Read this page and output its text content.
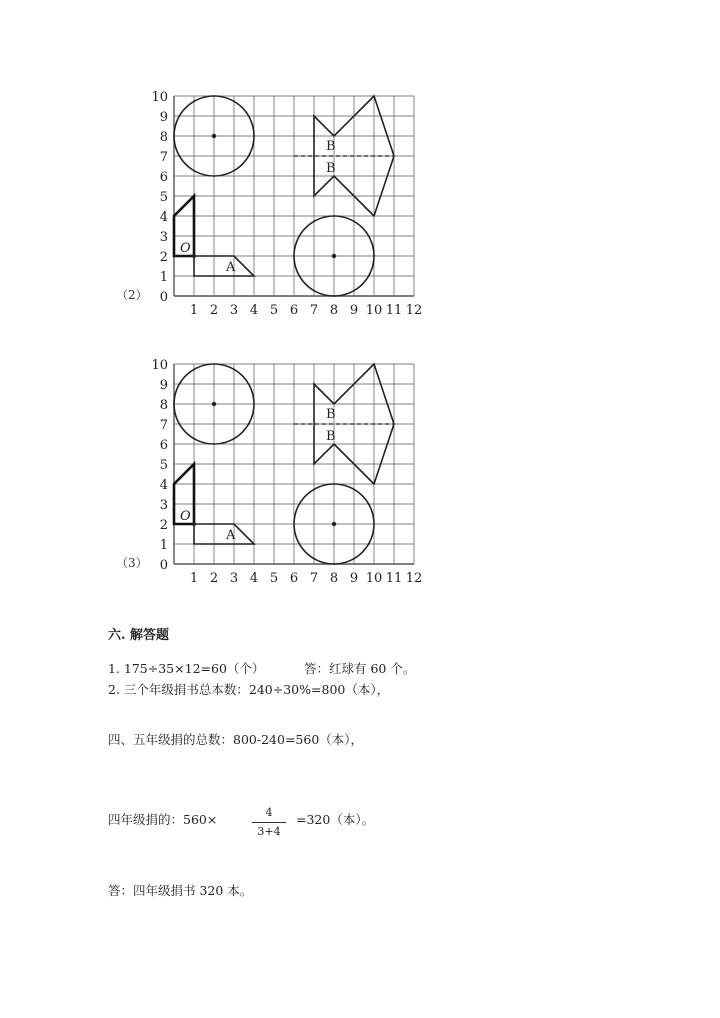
1 2 3 4 5 6 7 8 9 10 11 12
0
1
2
3
4
5
6
7
8
9
10
A
O
B
B
（2）
1 2 3 4 5 6 7 8 9 10 11 12
0
1
2
3
4
5
6
7
8
9
10
A
O
B
B
（3）
六. 解答题
1. 175÷35×12=60（个）	答：红球有 60 个。
2. 三个年级捐书总本数：240÷30%=800（本），
四、五年级捐的总数：800-240=560（本），
四年级捐的：560×	4
3+4
=320（本）。
答：四年级捐书 320 本。
